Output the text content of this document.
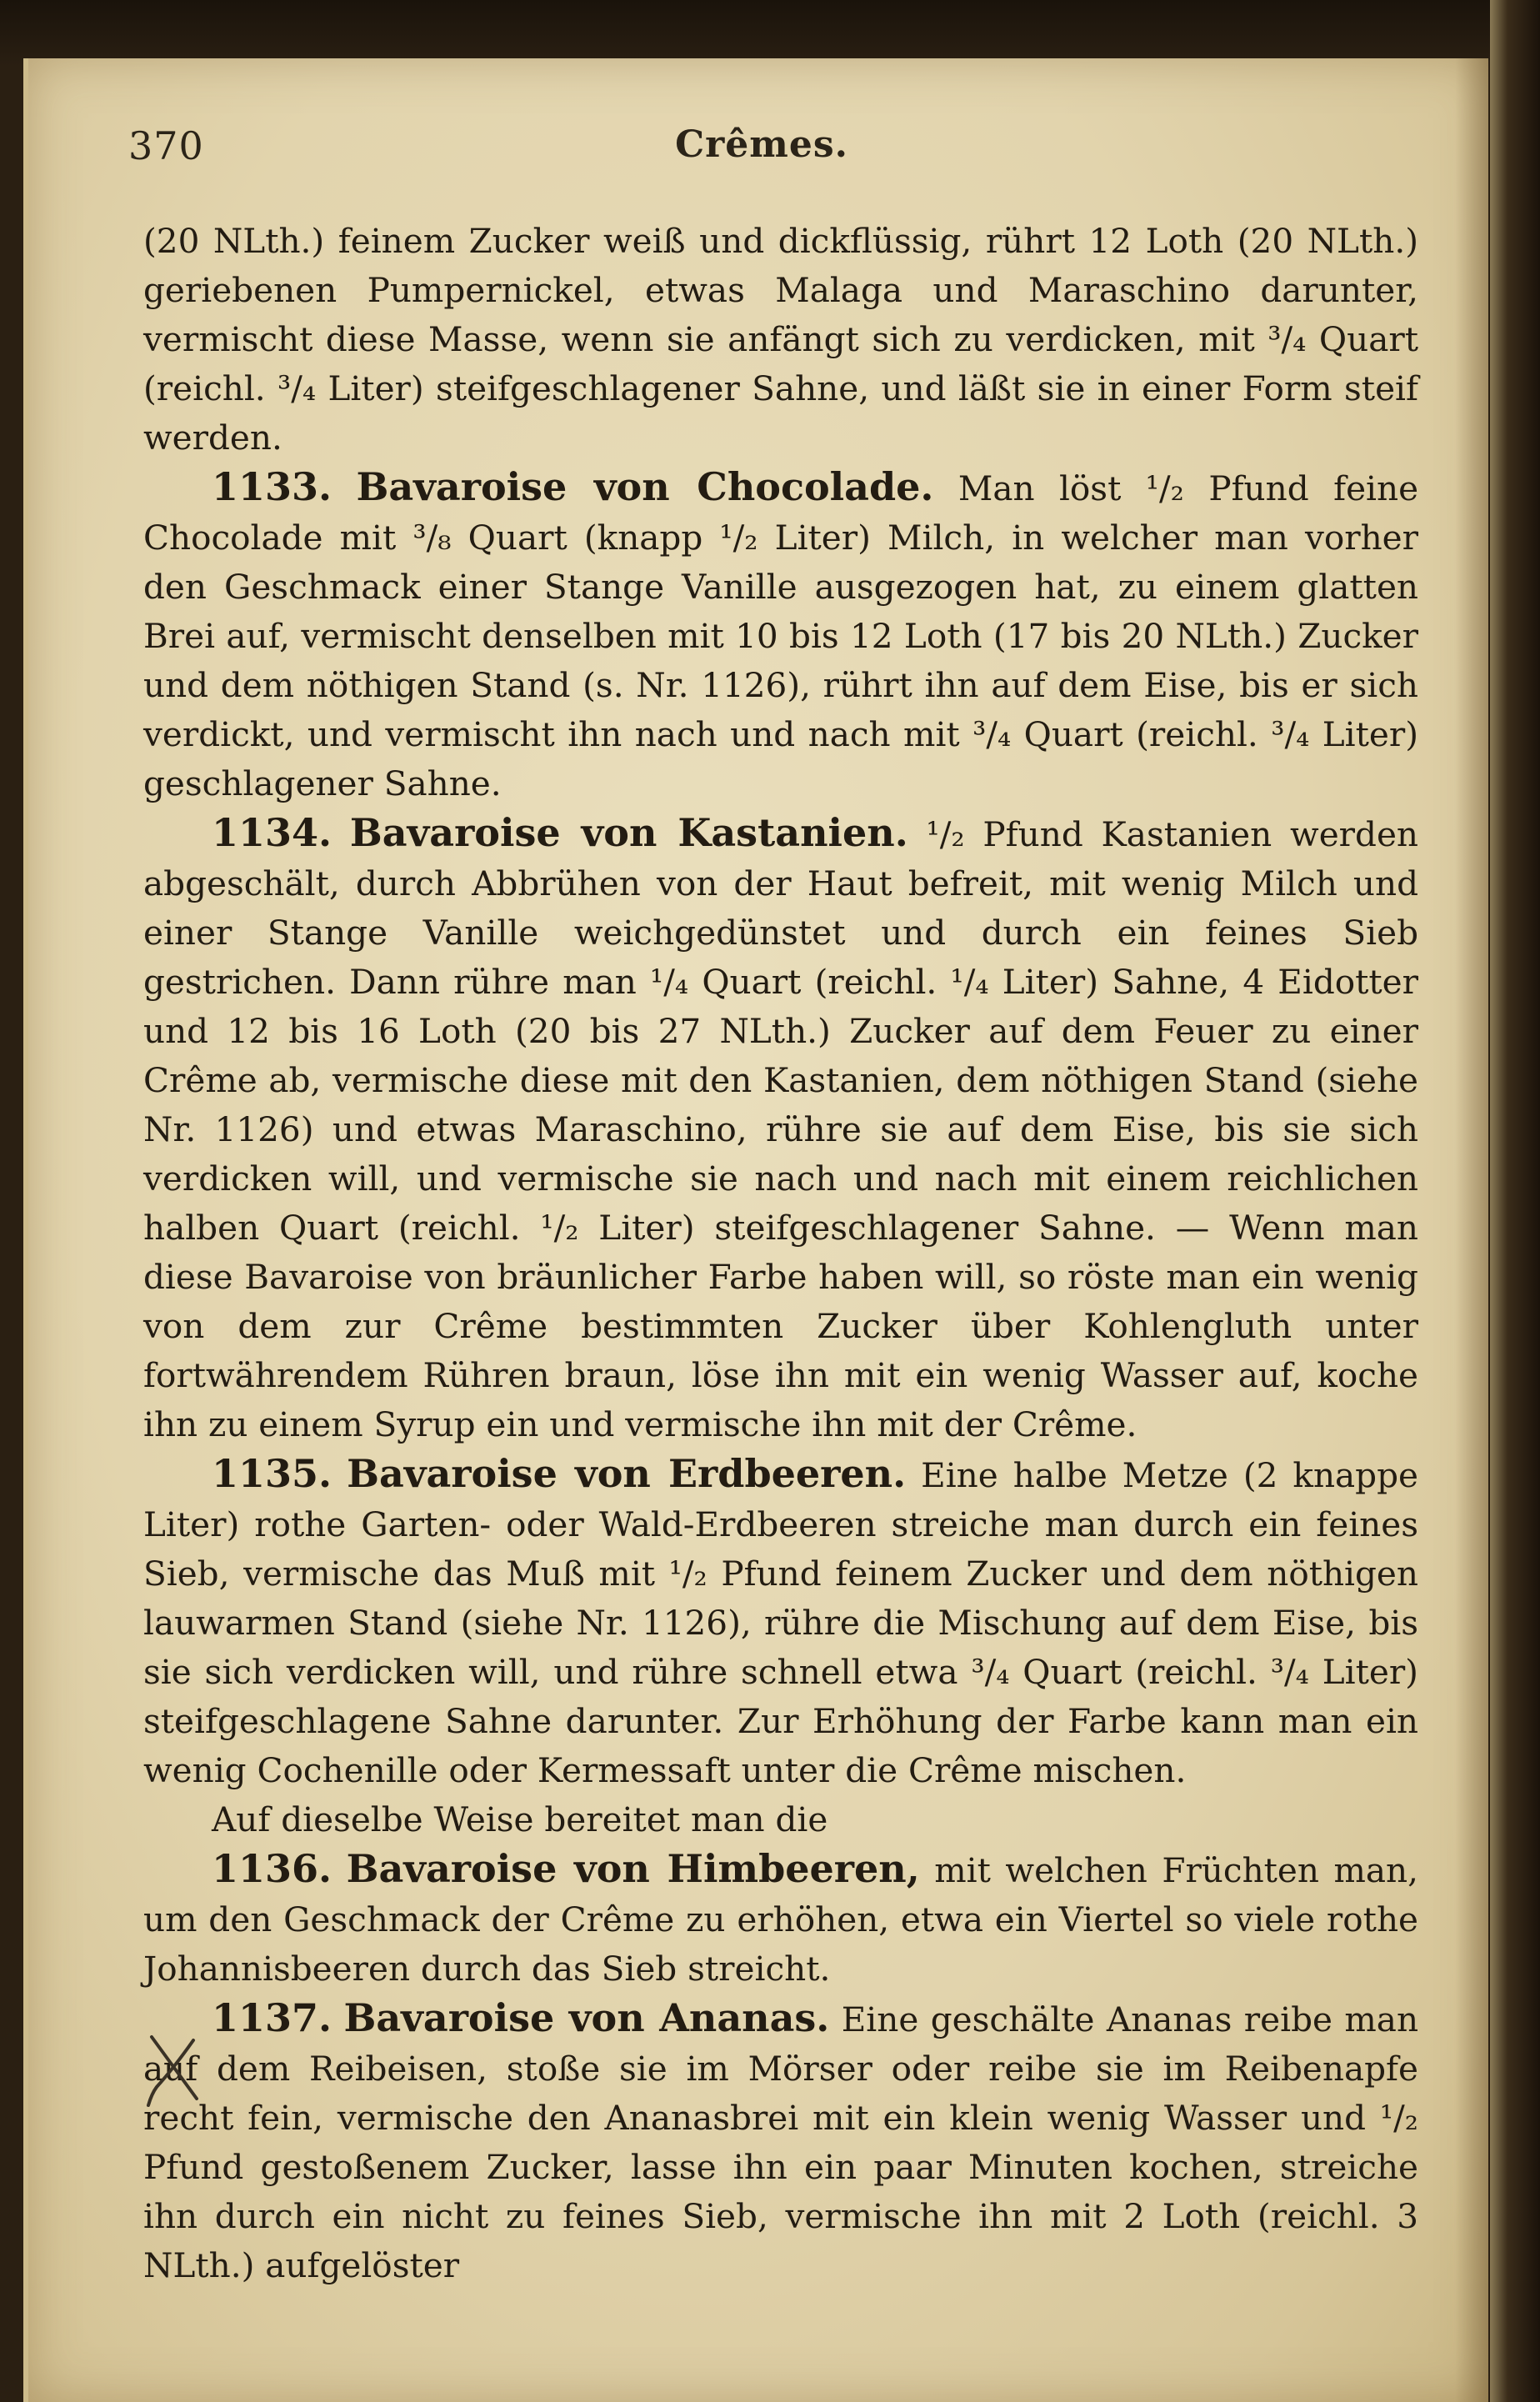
370	Crêmes.

(20 NLth.) feinem Zucker weiß und dickflüssig, rührt 12 Loth (20 NLth.) geriebenen Pumpernickel, etwas Malaga und Maraschino darunter, vermischt diese Masse, wenn sie anfängt sich zu verdicken, mit ³/₄ Quart (reichl. ³/₄ Liter) steifgeschlagener Sahne, und läßt sie in einer Form steif werden.

1133. Bavaroise von Chocolade. Man löst ¹/₂ Pfund feine Chocolade mit ³/₈ Quart (knapp ¹/₂ Liter) Milch, in welcher man vorher den Geschmack einer Stange Vanille ausgezogen hat, zu einem glatten Brei auf, vermischt denselben mit 10 bis 12 Loth (17 bis 20 NLth.) Zucker und dem nöthigen Stand (s. Nr. 1126), rührt ihn auf dem Eise, bis er sich verdickt, und vermischt ihn nach und nach mit ³/₄ Quart (reichl. ³/₄ Liter) geschlagener Sahne.

1134. Bavaroise von Kastanien. ¹/₂ Pfund Kastanien werden abgeschält, durch Abbrühen von der Haut befreit, mit wenig Milch und einer Stange Vanille weichgedünstet und durch ein feines Sieb gestrichen. Dann rühre man ¹/₄ Quart (reichl. ¹/₄ Liter) Sahne, 4 Eidotter und 12 bis 16 Loth (20 bis 27 NLth.) Zucker auf dem Feuer zu einer Crême ab, vermische diese mit den Kastanien, dem nöthigen Stand (siehe Nr. 1126) und etwas Maraschino, rühre sie auf dem Eise, bis sie sich verdicken will, und vermische sie nach und nach mit einem reichlichen halben Quart (reichl. ¹/₂ Liter) steifgeschlagener Sahne. — Wenn man diese Bavaroise von bräunlicher Farbe haben will, so röste man ein wenig von dem zur Crême bestimmten Zucker über Kohlengluth unter fortwährendem Rühren braun, löse ihn mit ein wenig Wasser auf, koche ihn zu einem Syrup ein und vermische ihn mit der Crême.

1135. Bavaroise von Erdbeeren. Eine halbe Metze (2 knappe Liter) rothe Garten- oder Wald-Erdbeeren streiche man durch ein feines Sieb, vermische das Muß mit ¹/₂ Pfund feinem Zucker und dem nöthigen lauwarmen Stand (siehe Nr. 1126), rühre die Mischung auf dem Eise, bis sie sich verdicken will, und rühre schnell etwa ³/₄ Quart (reichl. ³/₄ Liter) steifgeschlagene Sahne darunter. Zur Erhöhung der Farbe kann man ein wenig Cochenille oder Kermessaft unter die Crême mischen.

Auf dieselbe Weise bereitet man die

1136. Bavaroise von Himbeeren, mit welchen Früchten man, um den Geschmack der Crême zu erhöhen, etwa ein Viertel so viele rothe Johannisbeeren durch das Sieb streicht.

1137. Bavaroise von Ananas. Eine geschälte Ananas reibe man auf dem Reibeisen, stoße sie im Mörser oder reibe sie im Reibenapfe recht fein, vermische den Ananasbrei mit ein klein wenig Wasser und ¹/₂ Pfund gestoßenem Zucker, lasse ihn ein paar Minuten kochen, streiche ihn durch ein nicht zu feines Sieb, vermische ihn mit 2 Loth (reichl. 3 NLth.) aufgelöster
